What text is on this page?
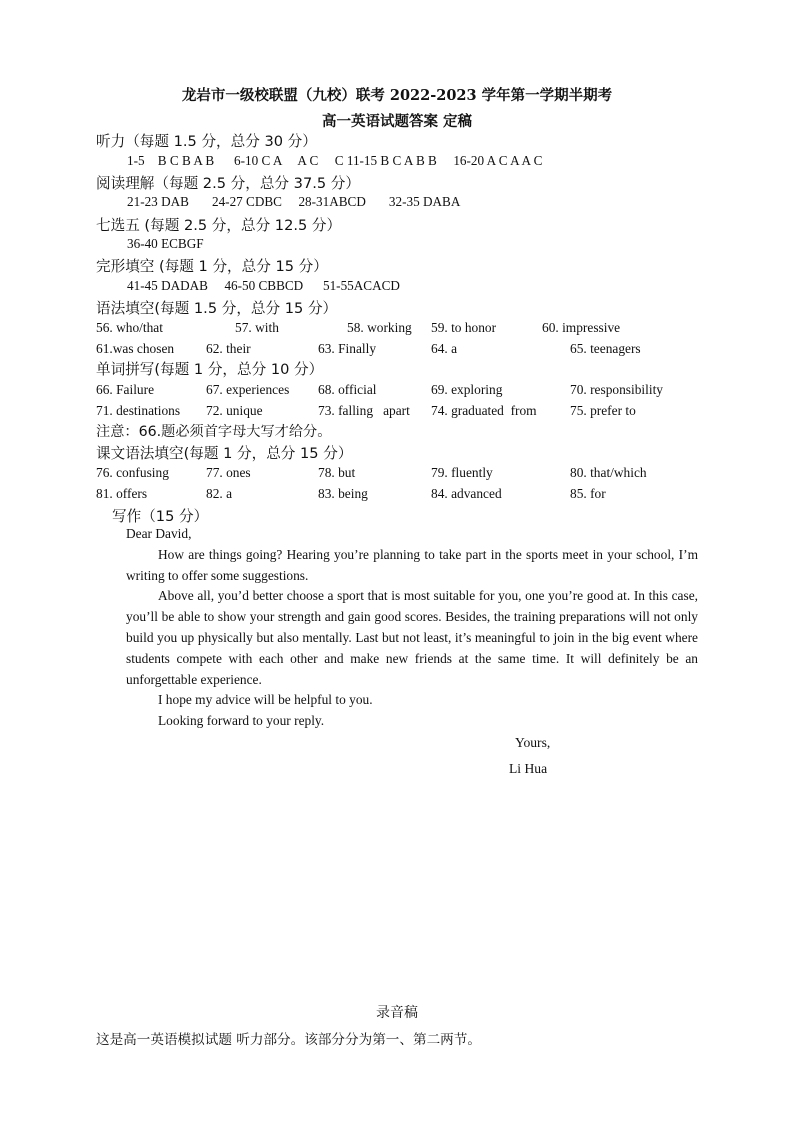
龙岩市一级校联盟（九校）联考 2022-2023 学年第一学期半期考
高一英语试题答案 定稿
听力（每题 1.5 分，总分 30 分）
1-5    B C B A B      6-10 C A     A C     C 11-15 B C A B B     16-20 A C A A C
阅读理解（每题 2.5 分，总分 37.5 分）
21-23 DAB       24-27 CDBC     28-31ABCD       32-35 DABA
七选五 (每题 2.5 分，总分 12.5 分）
36-40 ECBGF
完形填空 (每题 1 分，总分 15 分）
41-45 DADAB     46-50 CBBCD      51-55ACACD
语法填空(每题 1.5 分，总分 15 分）
56. who/that	57. with	58. working 59. to honor	60. impressive
61.was chosen 62. their	63. Finally	64. a	65. teenagers
单词拼写(每题 1 分，总分 10 分）
66. Failure	67. experiences 68. official	69. exploring	70. responsibility
71. destinations 72. unique	73. falling   apart 74. graduated  from 75. prefer to
注意：66.题必须首字母大写才给分。
课文语法填空(每题 1 分，总分 15 分）
76. confusing	77. ones	78. but	79. fluently	80. that/which
81. offers	82. a	83. being	84. advanced	85. for
写作（15 分）

Dear David,

How are things going? Hearing you’re planning to take part in the sports meet in your school, I’m writing to offer some suggestions.

Above all, you’d better choose a sport that is most suitable for you, one you’re good at. In this case, you’ll be able to show your strength and gain good scores. Besides, the training preparations will not only build you up physically but also mentally. Last but not least, it’s meaningful to join in the big event where students compete with each other and make new friends at the same time. It will definitely be an unforgettable experience.

I hope my advice will be helpful to you.

Looking forward to your reply.

Yours,
Li Hua
录音稿
这是高一英语模拟试题 听力部分。该部分分为第一、第二两节。
